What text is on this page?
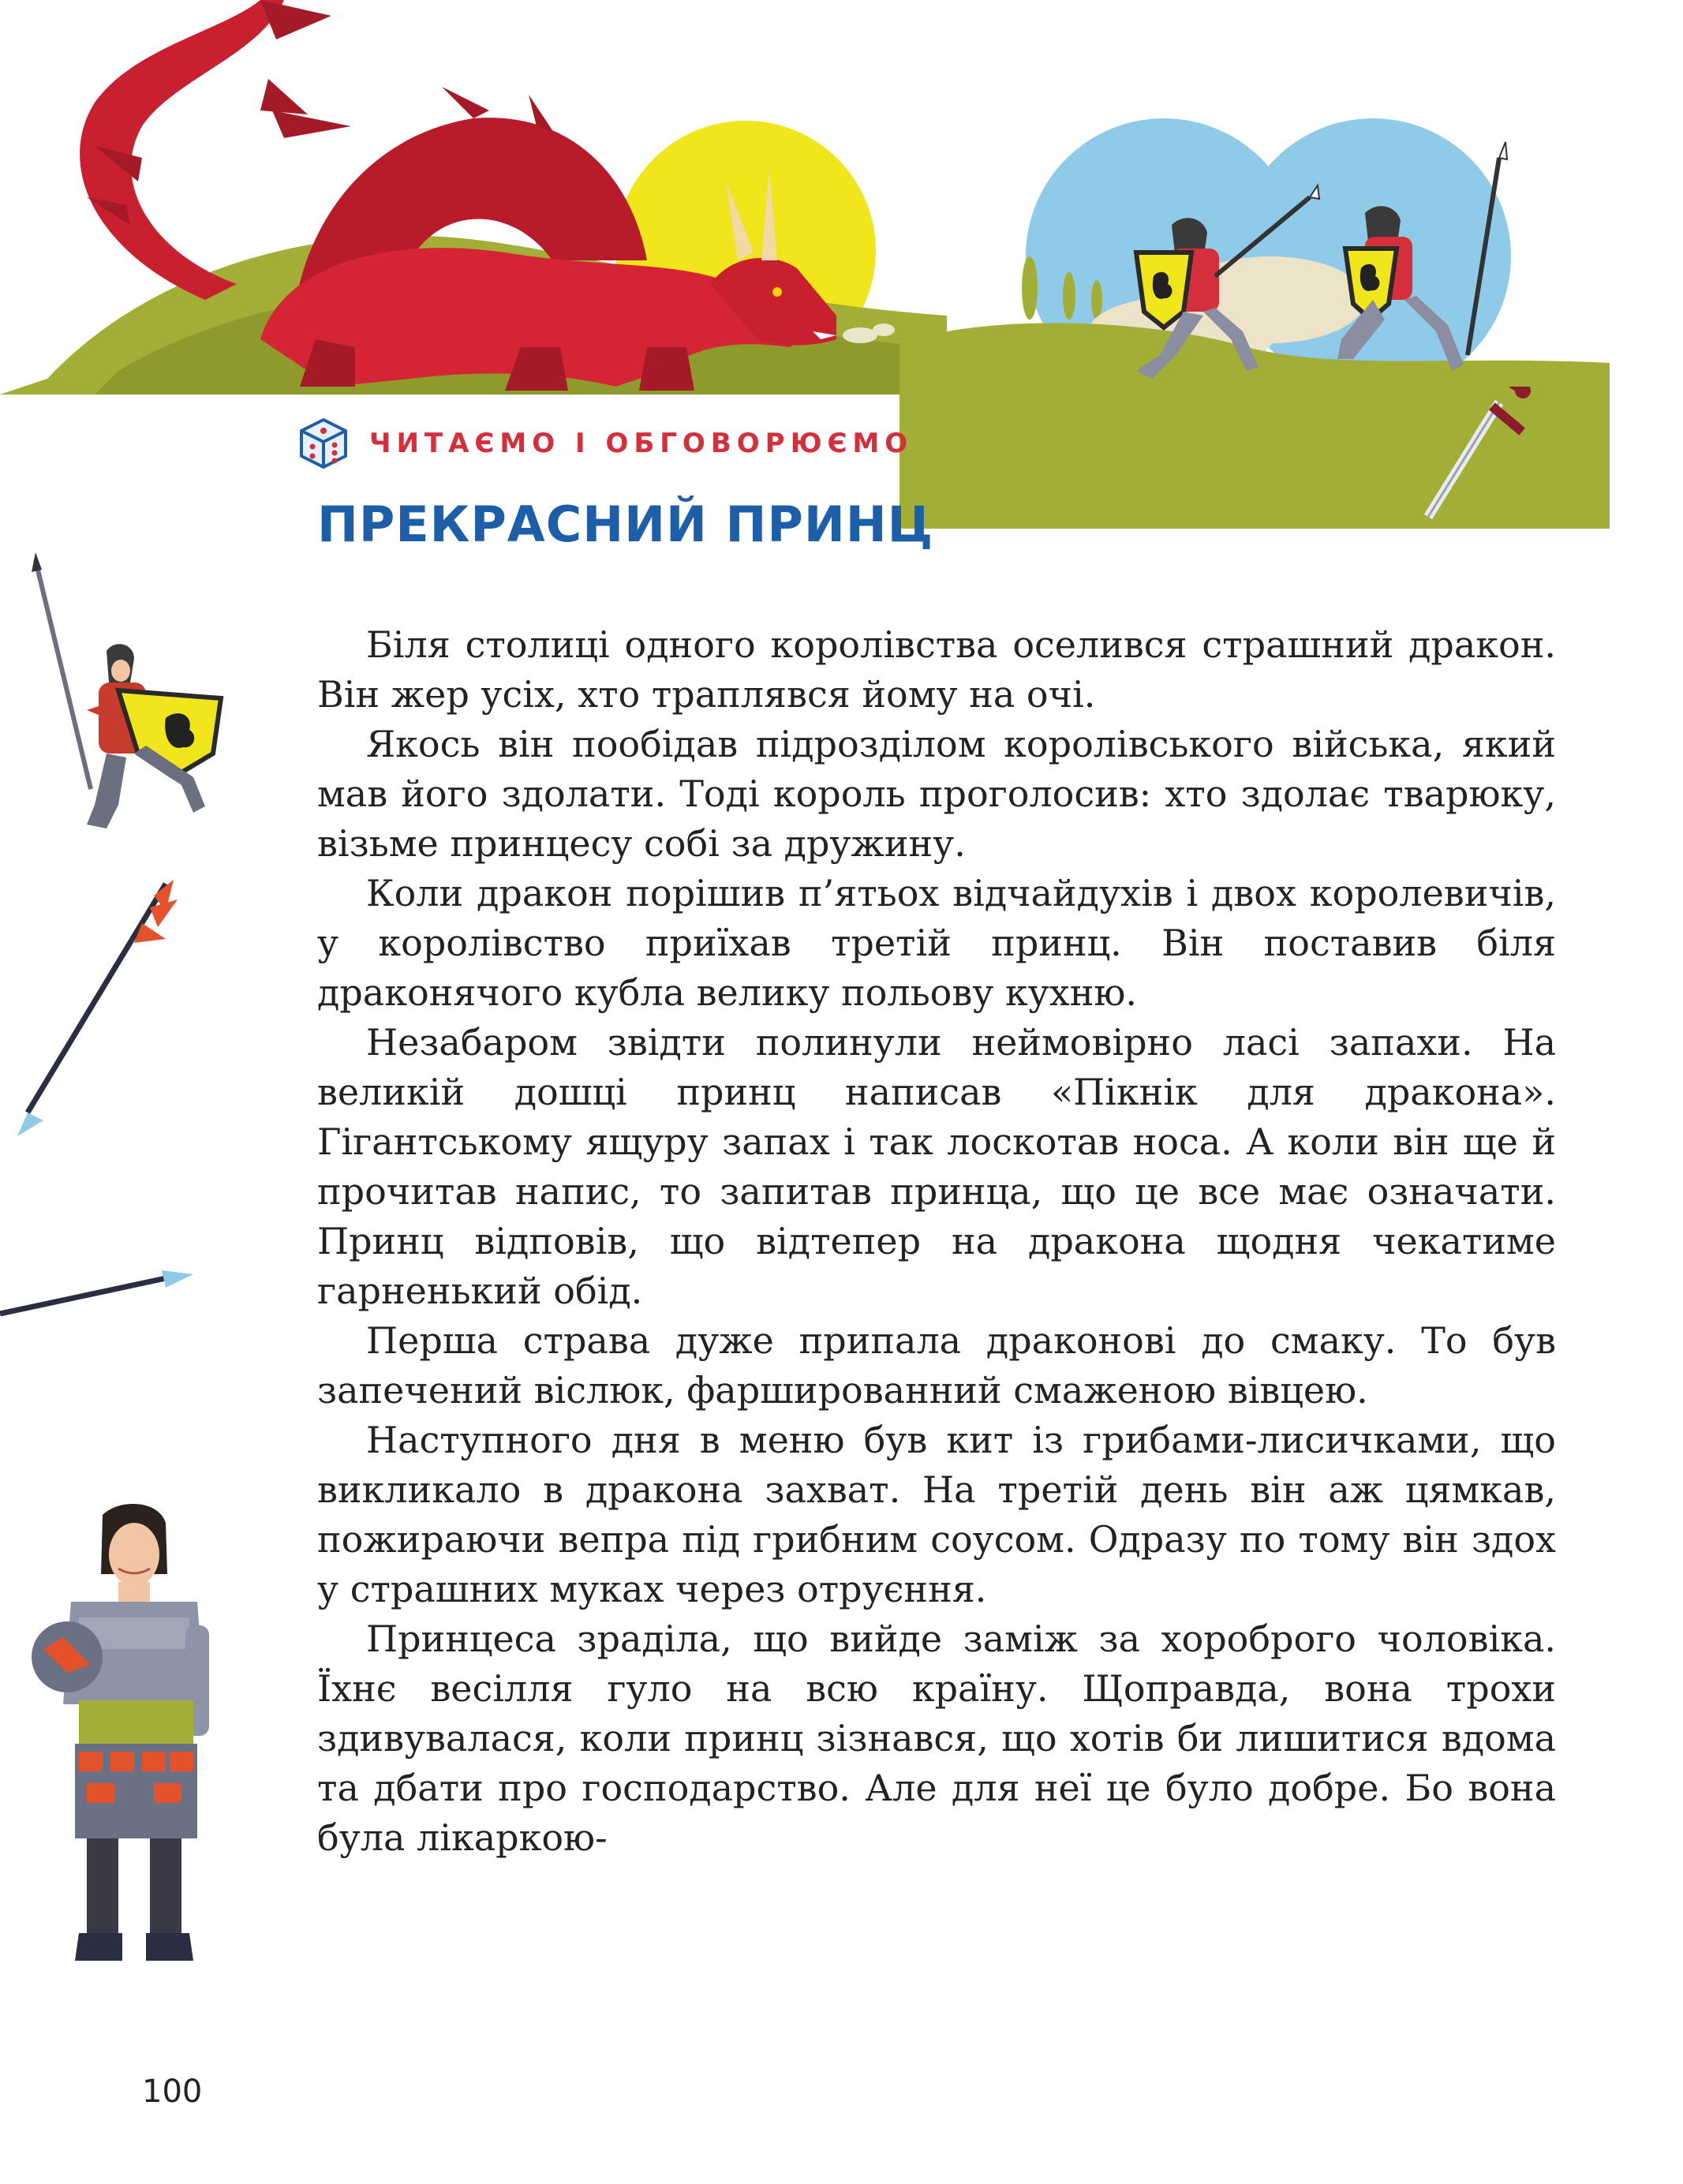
ЧИТАЄМО І ОБГОВОРЮЄМО
ПРЕКРАСНИЙ ПРИНЦ

Біля столиці одного королівства оселився страшний дракон. Він жер усіх, хто траплявся йому на очі.

Якось він пообідав підрозділом королівського війська, який мав його здолати. Тоді король проголосив: хто здолає тварюку, візьме принцесу собі за дружину.

Коли дракон порішив п’ятьох відчайдухів і двох королевичів, у королівство приїхав третій принц. Він поставив біля драконячого кубла велику польову кухню.

Незабаром звідти полинули неймовірно ласі запахи. На великій дошці принц написав «Пікнік для дракона». Гігантському ящуру запах і так лоскотав носа. А коли він ще й прочитав напис, то запитав принца, що це все має означати. Принц відповів, що відтепер на дракона щодня чекатиме гарненький обід.

Перша страва дуже припала драконові до смаку. То був запечений віслюк, фаршированний смаженою вівцею.

Наступного дня в меню був кит із грибами-лисичками, що викликало в дракона захват. На третій день він аж цямкав, пожираючи вепра під грибним соусом. Одразу по тому він здох у страшних муках через отруєння.

Принцеса зраділа, що вийде заміж за хороброго чоловіка. Їхнє весілля гуло на всю країну. Щоправда, вона трохи здивувалася, коли принц зізнався, що хотів би лишитися вдома та дбати про господарство. Але для неї це було добре. Бо вона була лікаркою-

100
